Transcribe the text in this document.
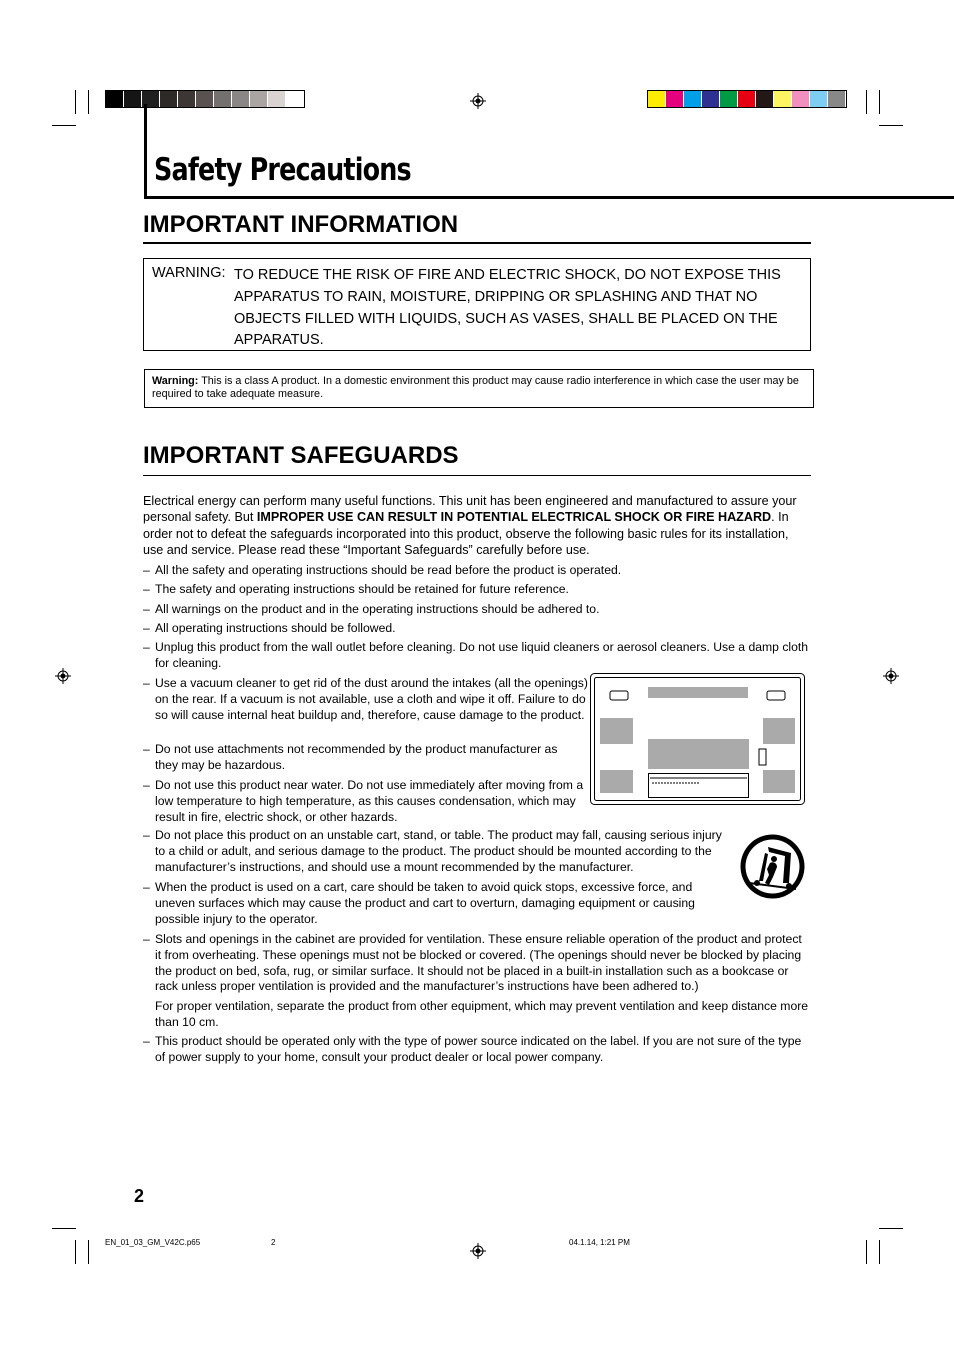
Safety Precautions
IMPORTANT INFORMATION
WARNING: TO REDUCE THE RISK OF FIRE AND ELECTRIC SHOCK, DO NOT EXPOSE THIS APPARATUS TO RAIN, MOISTURE, DRIPPING OR SPLASHING AND THAT NO OBJECTS FILLED WITH LIQUIDS, SUCH AS VASES, SHALL BE PLACED ON THE APPARATUS.
Warning: This is a class A product. In a domestic environment this product may cause radio interference in which case the user may be required to take adequate measure.
IMPORTANT SAFEGUARDS
Electrical energy can perform many useful functions. This unit has been engineered and manufactured to assure your personal safety. But IMPROPER USE CAN RESULT IN POTENTIAL ELECTRICAL SHOCK OR FIRE HAZARD. In order not to defeat the safeguards incorporated into this product, observe the following basic rules for its installation, use and service. Please read these “Important Safeguards” carefully before use.
– All the safety and operating instructions should be read before the product is operated.
– The safety and operating instructions should be retained for future reference.
– All warnings on the product and in the operating instructions should be adhered to.
– All operating instructions should be followed.
– Unplug this product from the wall outlet before cleaning. Do not use liquid cleaners or aerosol cleaners. Use a damp cloth for cleaning.
– Use a vacuum cleaner to get rid of the dust around the intakes (all the openings) on the rear. If a vacuum is not available, use a cloth and wipe it off. Failure to do so will cause internal heat buildup and, therefore, cause damage to the product.
– Do not use attachments not recommended by the product manufacturer as they may be hazardous.
– Do not use this product near water. Do not use immediately after moving from a low temperature to high temperature, as this causes condensation, which may result in fire, electric shock, or other hazards.
– Do not place this product on an unstable cart, stand, or table. The product may fall, causing serious injury to a child or adult, and serious damage to the product. The product should be mounted according to the manufacturer’s instructions, and should use a mount recommended by the manufacturer.
– When the product is used on a cart, care should be taken to avoid quick stops, excessive force, and uneven surfaces which may cause the product and cart to overturn, damaging equipment or causing possible injury to the operator.
– Slots and openings in the cabinet are provided for ventilation. These ensure reliable operation of the product and protect it from overheating. These openings must not be blocked or covered. (The openings should never be blocked by placing the product on bed, sofa, rug, or similar surface. It should not be placed in a built-in installation such as a bookcase or rack unless proper ventilation is provided and the manufacturer’s instructions have been adhered to.)
For proper ventilation, separate the product from other equipment, which may prevent ventilation and keep distance more than 10 cm.
– This product should be operated only with the type of power source indicated on the label. If you are not sure of the type of power supply to your home, consult your product dealer or local power company.
2
EN_01_03_GM_V42C.p65	2	04.1.14, 1:21 PM
